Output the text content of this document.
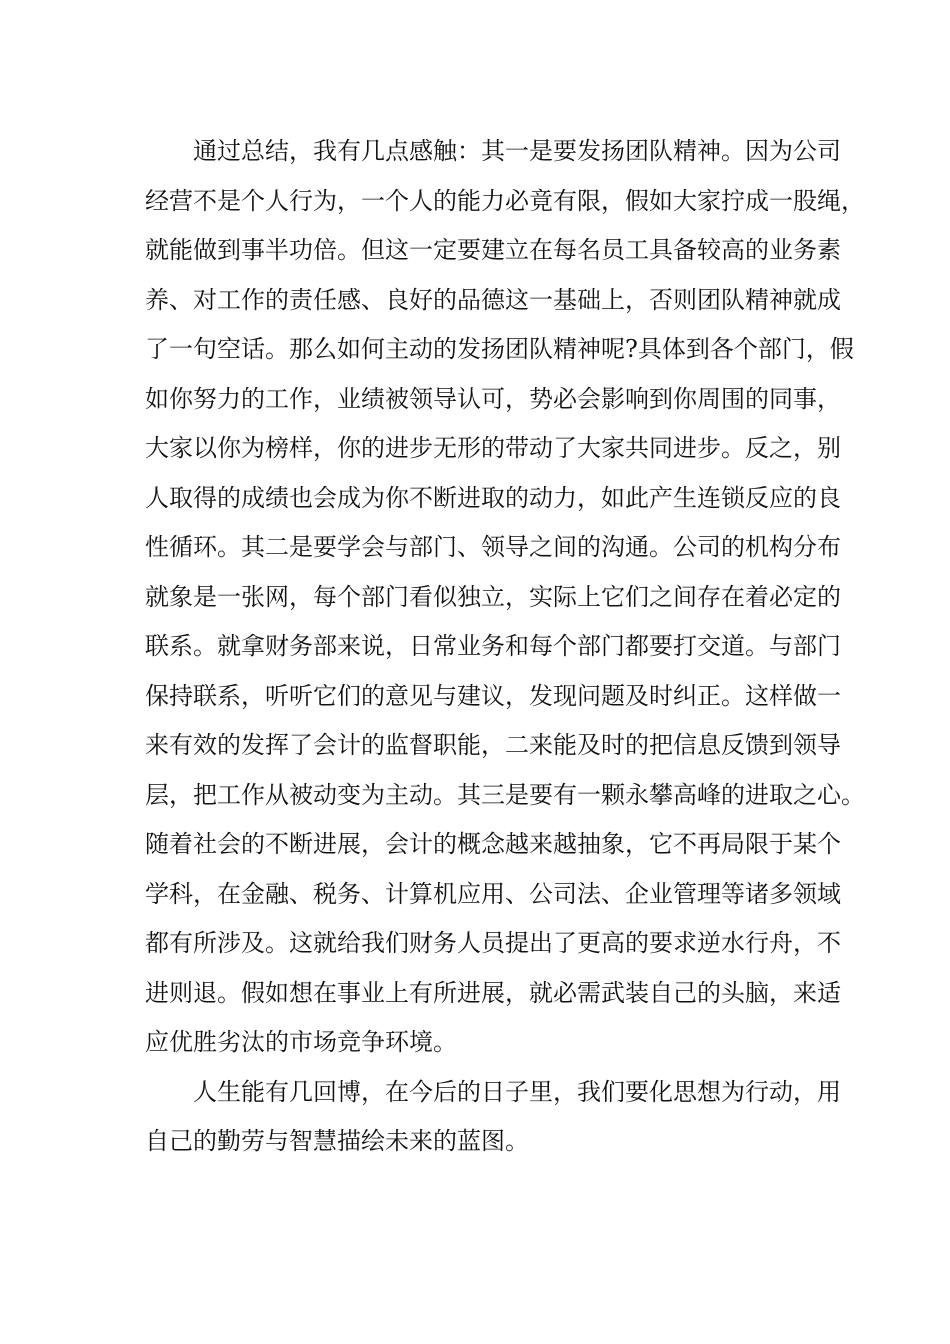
　　通过总结，我有几点感触：其一是要发扬团队精神。因为公司
经营不是个人行为，一个人的能力必竟有限，假如大家拧成一股绳，
就能做到事半功倍。但这一定要建立在每名员工具备较高的业务素
养、对工作的责任感、良好的品德这一基础上，否则团队精神就成
了一句空话。那么如何主动的发扬团队精神呢?具体到各个部门，假
如你努力的工作，业绩被领导认可，势必会影响到你周围的同事，
大家以你为榜样，你的进步无形的带动了大家共同进步。反之，别
人取得的成绩也会成为你不断进取的动力，如此产生连锁反应的良
性循环。其二是要学会与部门、领导之间的沟通。公司的机构分布
就象是一张网，每个部门看似独立，实际上它们之间存在着必定的
联系。就拿财务部来说，日常业务和每个部门都要打交道。与部门
保持联系，听听它们的意见与建议，发现问题及时纠正。这样做一
来有效的发挥了会计的监督职能，二来能及时的把信息反馈到领导
层，把工作从被动变为主动。其三是要有一颗永攀高峰的进取之心。
随着社会的不断进展，会计的概念越来越抽象，它不再局限于某个
学科，在金融、税务、计算机应用、公司法、企业管理等诸多领域
都有所涉及。这就给我们财务人员提出了更高的要求逆水行舟，不
进则退。假如想在事业上有所进展，就必需武装自己的头脑，来适
应优胜劣汰的市场竞争环境。
　　人生能有几回博，在今后的日子里，我们要化思想为行动，用
自己的勤劳与智慧描绘未来的蓝图。
